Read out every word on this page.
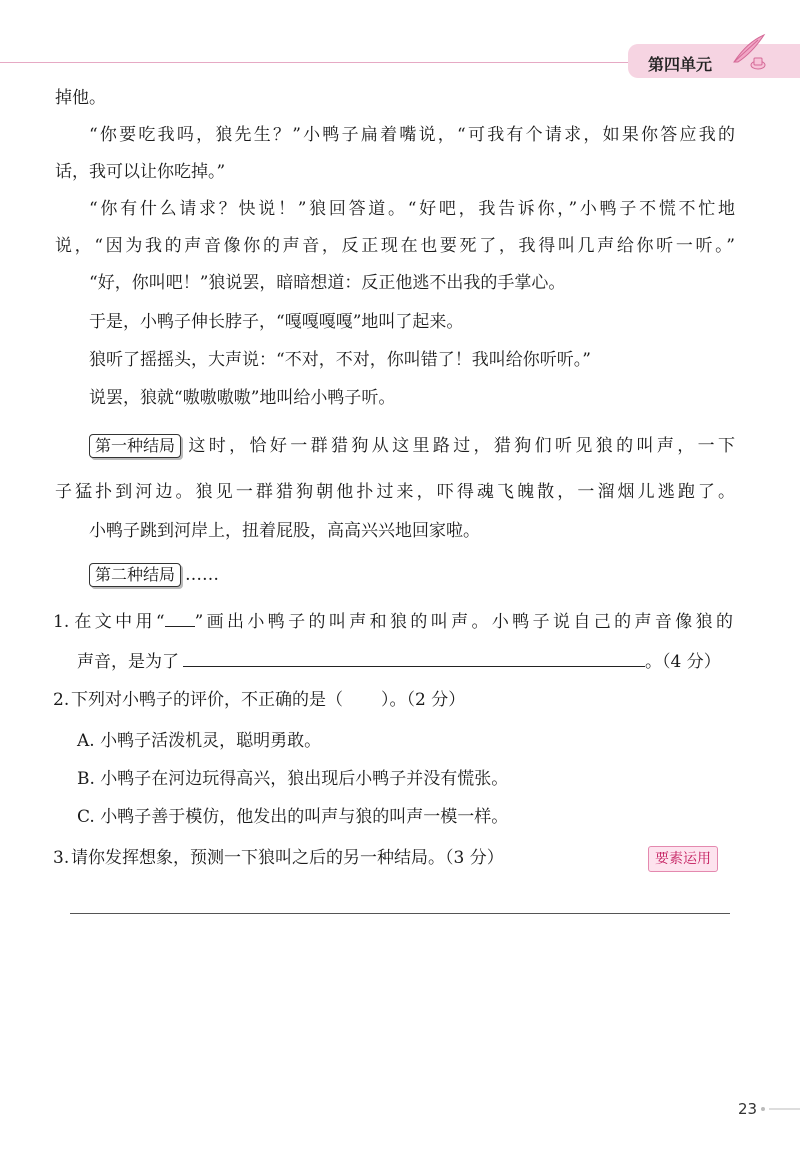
第四单元
掉他。
“你要吃我吗，狼先生？”小鸭子扁着嘴说，“可我有个请求，如果你答应我的
话，我可以让你吃掉。”
“你有什么请求？快说！”狼回答道。“好吧，我告诉你，”小鸭子不慌不忙地
说，“因为我的声音像你的声音，反正现在也要死了，我得叫几声给你听一听。”
“好，你叫吧！”狼说罢，暗暗想道：反正他逃不出我的手掌心。
于是，小鸭子伸长脖子，“嘎嘎嘎嘎”地叫了起来。
狼听了摇摇头，大声说：“不对，不对，你叫错了！我叫给你听听。”
说罢，狼就“嗷嗷嗷嗷”地叫给小鸭子听。
第一种结局 这时，恰好一群猎狗从这里路过，猎狗们听见狼的叫声，一下
子猛扑到河边。狼见一群猎狗朝他扑过来，吓得魂飞魄散，一溜烟儿逃跑了。
小鸭子跳到河岸上，扭着屁股，高高兴兴地回家啦。
第二种结局 ……
1. 在文中用“ ”画出小鸭子的叫声和狼的叫声。小鸭子说自己的声音像狼的
声音，是为了	。（4 分）
2. 下列对小鸭子的评价，不正确的是（ ）。（2 分）
A. 小鸭子活泼机灵，聪明勇敢。
B. 小鸭子在河边玩得高兴，狼出现后小鸭子并没有慌张。
C. 小鸭子善于模仿，他发出的叫声与狼的叫声一模一样。
3. 请你发挥想象，预测一下狼叫之后的另一种结局。（3 分）	要素运用
23
